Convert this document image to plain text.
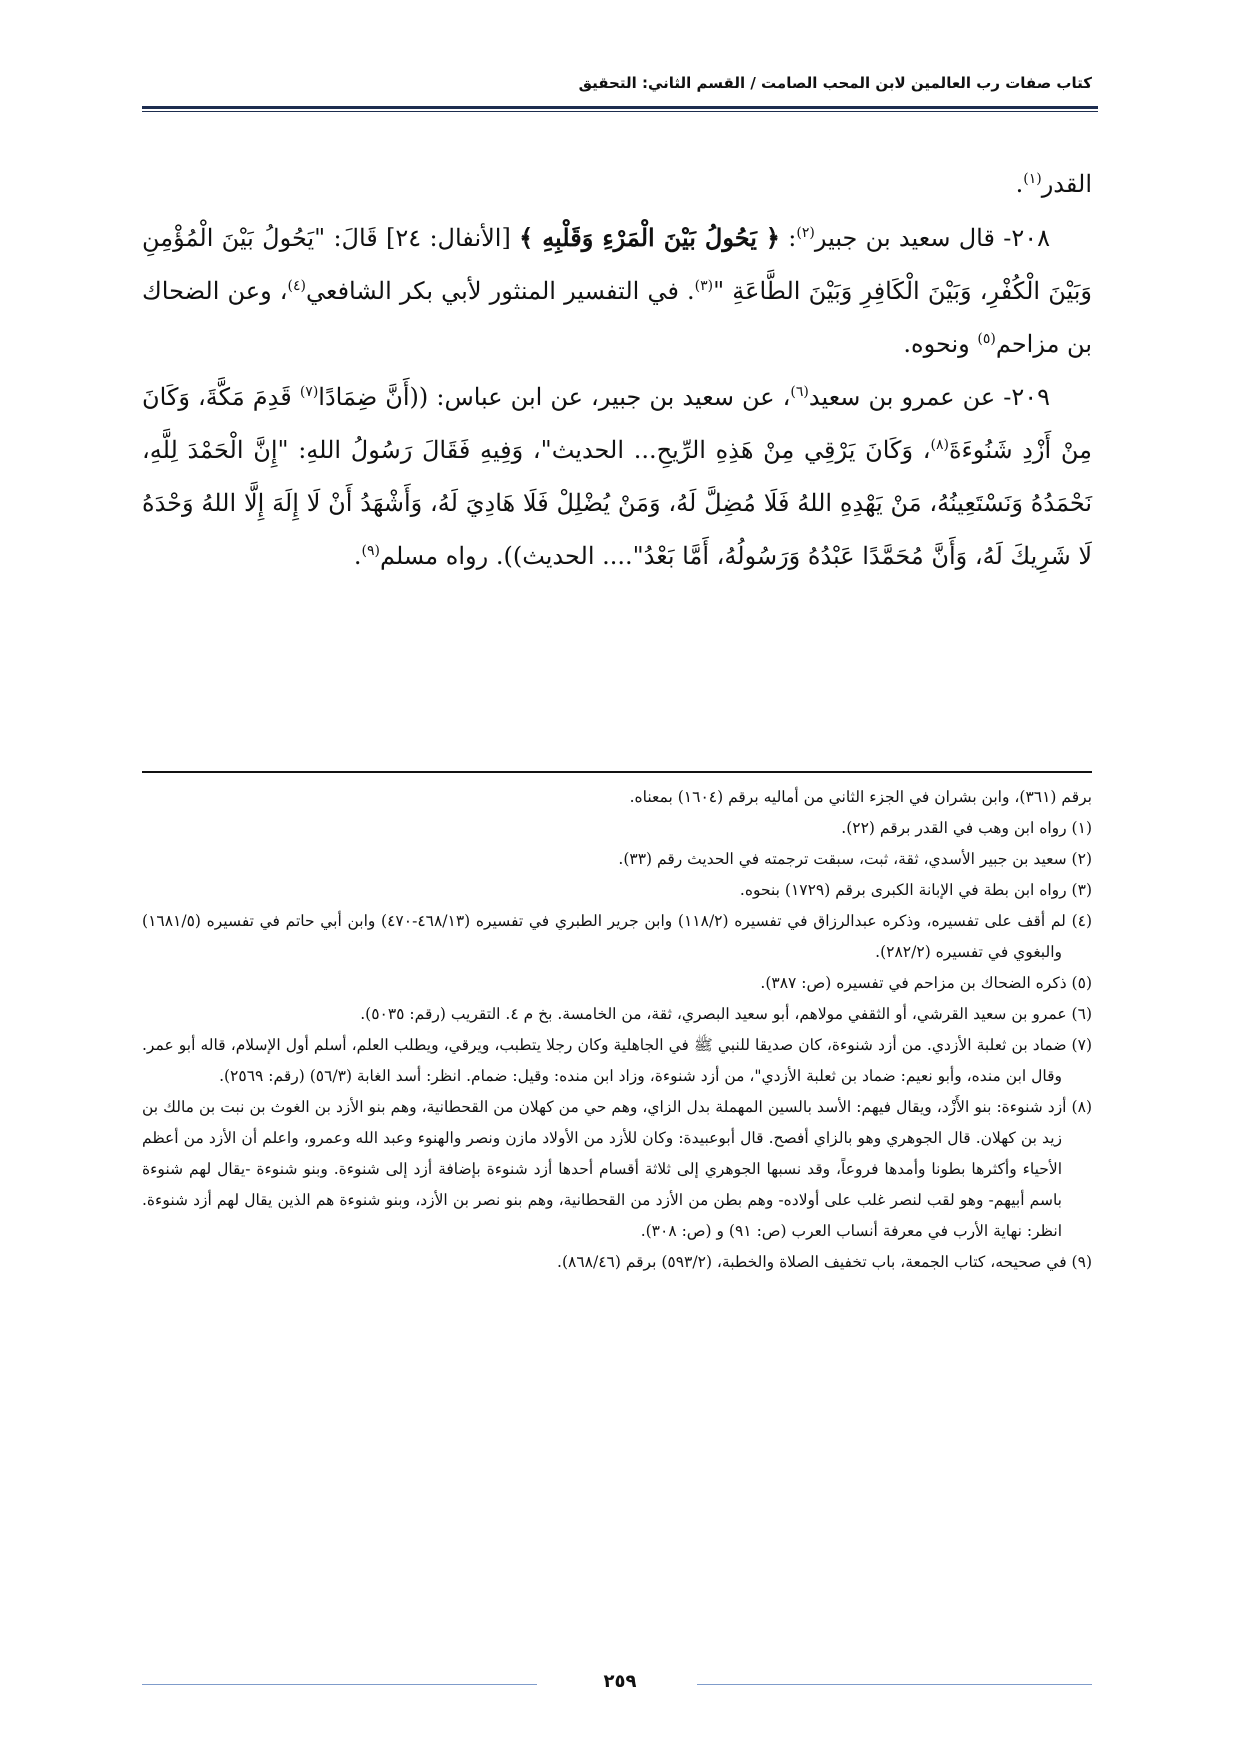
كتاب صفات رب العالمين لابن المحب الصامت / القسم الثاني: التحقيق

القدر$^{(١)}$.

٢٠٨- قال سعيد بن جبير$^{(٢)}$: ﴿ يَحُولُ بَيْنَ الْمَرْءِ وَقَلْبِهِ ﴾ [الأنفال: ٢٤] قَالَ: "يَحُولُ بَيْنَ الْمُؤْمِنِ وَبَيْنَ الْكُفْرِ، وَبَيْنَ الْكَافِرِ وَبَيْنَ الطَّاعَةِ "$^{(٣)}$. في التفسير المنثور لأبي بكر الشافعي$^{(٤)}$، وعن الضحاك بن مزاحم$^{(٥)}$ ونحوه.

٢٠٩- عن عمرو بن سعيد$^{(٦)}$، عن سعيد بن جبير، عن ابن عباس: ((أَنَّ ضِمَادًا$^{(٧)}$ قَدِمَ مَكَّةَ، وَكَانَ مِنْ أَزْدِ شَنُوءَةَ$^{(٨)}$، وَكَانَ يَرْقِي مِنْ هَذِهِ الرِّيحِ... الحديث"، وَفِيهِ فَقَالَ رَسُولُ اللهِ: "إِنَّ الْحَمْدَ لِلَّهِ، نَحْمَدُهُ وَنَسْتَعِينُهُ، مَنْ يَهْدِهِ اللهُ فَلَا مُضِلَّ لَهُ، وَمَنْ يُضْلِلْ فَلَا هَادِيَ لَهُ، وَأَشْهَدُ أَنْ لَا إِلَهَ إِلَّا اللهُ وَحْدَهُ لَا شَرِيكَ لَهُ، وَأَنَّ مُحَمَّدًا عَبْدُهُ وَرَسُولُهُ، أَمَّا بَعْدُ".... الحديث)). رواه مسلم$^{(٩)}$.

برقم (٣٦١)، وابن بشران في الجزء الثاني من أماليه برقم (١٦٠٤) بمعناه.

(١) رواه ابن وهب في القدر برقم (٢٢).

(٢) سعيد بن جبير الأسدي، ثقة، ثبت، سبقت ترجمته في الحديث رقم (٣٣).

(٣) رواه ابن بطة في الإبانة الكبرى برقم (١٧٢٩) بنحوه.

(٤) لم أقف على تفسيره، وذكره عبدالرزاق في تفسيره (١١٨/٢) وابن جرير الطبري في تفسيره (٤٦٨/١٣-٤٧٠) وابن أبي حاتم في تفسيره (١٦٨١/٥) والبغوي في تفسيره (٢٨٢/٢).

(٥) ذكره الضحاك بن مزاحم في تفسيره (ص: ٣٨٧).

(٦) عمرو بن سعيد القرشي، أو الثقفي مولاهم، أبو سعيد البصري، ثقة، من الخامسة. بخ م ٤. التقريب (رقم: ٥٠٣٥).

(٧) ضماد بن ثعلبة الأزدي. من أزد شنوءة، كان صديقا للنبي ﷺ في الجاهلية وكان رجلا يتطبب، ويرقي، ويطلب العلم، أسلم أول الإسلام، قاله أبو عمر. وقال ابن منده، وأبو نعيم: ضماد بن ثعلبة الأزدي"، من أزد شنوءة، وزاد ابن منده: وقيل: ضمام. انظر: أسد الغابة (٥٦/٣) (رقم: ٢٥٦٩).

(٨) أزد شنوءة: بنو الأَزْد، ويقال فيهم: الأسد بالسين المهملة بدل الزاي، وهم حي من كهلان من القحطانية، وهم بنو الأزد بن الغوث بن نبت بن مالك بن زيد بن كهلان. قال الجوهري وهو بالزاي أفصح. قال أبوعبيدة: وكان للأزد من الأولاد مازن ونصر والهنوء وعبد الله وعمرو، واعلم أن الأزد من أعظم الأحياء وأكثرها بطونا وأمدها فروعاً، وقد نسبها الجوهري إلى ثلاثة أقسام أحدها أزد شنوءة بإضافة أزد إلى شنوءة. وبنو شنوءة -يقال لهم شنوءة باسم أبيهم- وهو لقب لنصر غلب على أولاده- وهم بطن من الأزد من القحطانية، وهم بنو نصر بن الأزد، وبنو شنوءة هم الذين يقال لهم أزد شنوءة. انظر: نهاية الأرب في معرفة أنساب العرب (ص: ٩١) و (ص: ٣٠٨).

(٩) في صحيحه، كتاب الجمعة، باب تخفيف الصلاة والخطبة، (٥٩٣/٢) برقم (٨٦٨/٤٦).

٢٥٩
